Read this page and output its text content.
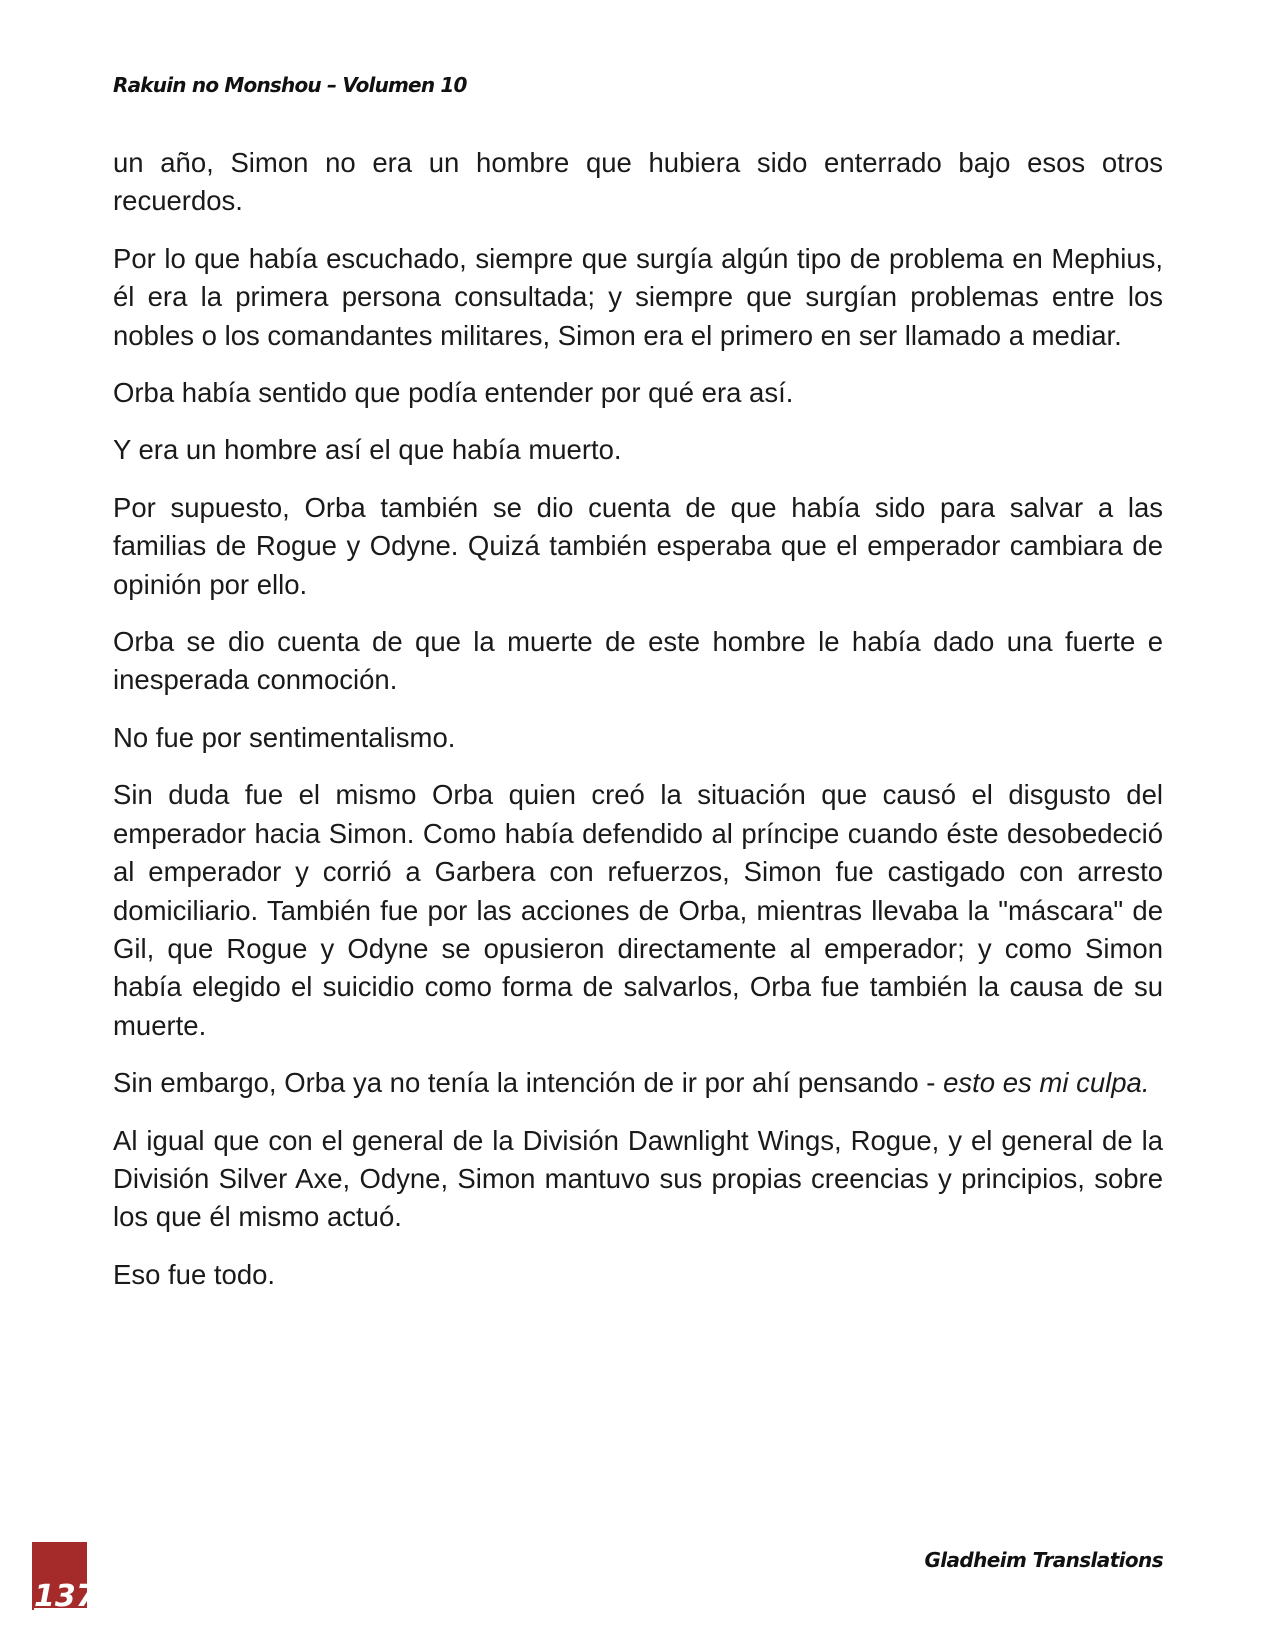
Rakuin no Monshou – Volumen 10

un año, Simon no era un hombre que hubiera sido enterrado bajo esos otros recuerdos.

Por lo que había escuchado, siempre que surgía algún tipo de problema en Mephius, él era la primera persona consultada; y siempre que surgían problemas entre los nobles o los comandantes militares, Simon era el primero en ser llamado a mediar.

Orba había sentido que podía entender por qué era así.

Y era un hombre así el que había muerto.

Por supuesto, Orba también se dio cuenta de que había sido para salvar a las familias de Rogue y Odyne. Quizá también esperaba que el emperador cambiara de opinión por ello.

Orba se dio cuenta de que la muerte de este hombre le había dado una fuerte e inesperada conmoción.

No fue por sentimentalismo.

Sin duda fue el mismo Orba quien creó la situación que causó el disgusto del emperador hacia Simon. Como había defendido al príncipe cuando éste desobedeció al emperador y corrió a Garbera con refuerzos, Simon fue castigado con arresto domiciliario. También fue por las acciones de Orba, mientras llevaba la "máscara" de Gil, que Rogue y Odyne se opusieron directamente al emperador; y como Simon había elegido el suicidio como forma de salvarlos, Orba fue también la causa de su muerte.

Sin embargo, Orba ya no tenía la intención de ir por ahí pensando - esto es mi culpa.

Al igual que con el general de la División Dawnlight Wings, Rogue, y el general de la División Silver Axe, Odyne, Simon mantuvo sus propias creencias y principios, sobre los que él mismo actuó.

Eso fue todo.

137
Gladheim Translations
